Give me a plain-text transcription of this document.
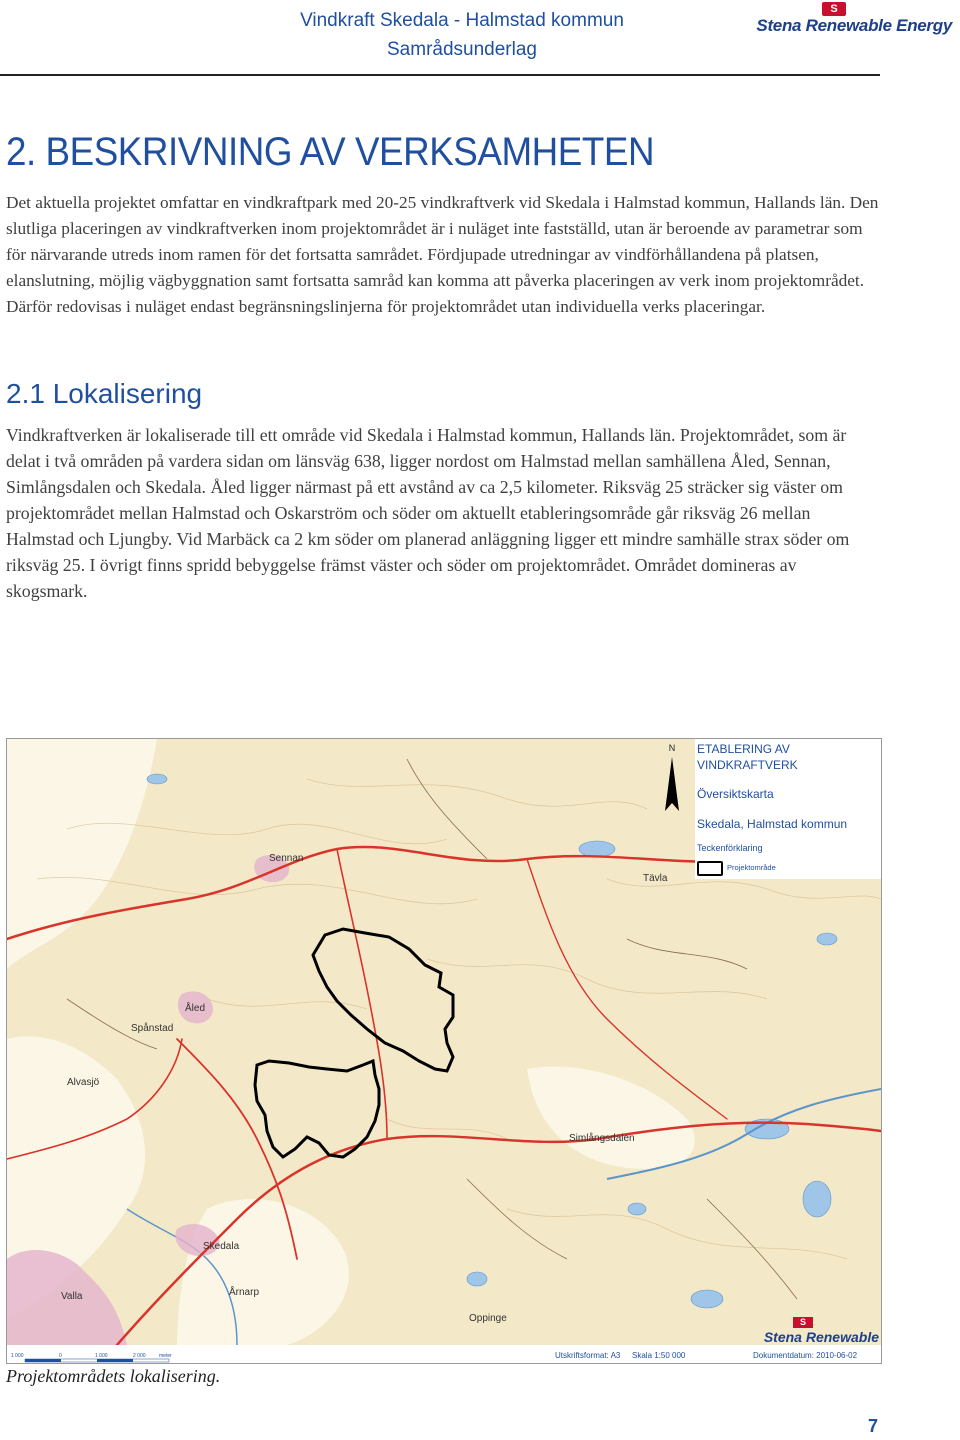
Vindkraft Skedala - Halmstad kommun
Samrådsunderlag
S
Stena Renewable Energy
2. BESKRIVNING AV VERKSAMHETEN

Det aktuella projektet omfattar en vindkraftpark med 20-25 vindkraftverk vid Skedala i Halmstad kommun, Hallands län. Den slutliga placeringen av vindkraftverken inom projektområdet är i nuläget inte fastställd, utan är beroende av parametrar som för närvarande utreds inom ramen för det fortsatta samrådet. Fördjupade utredningar av vindförhållandena på platsen, elanslutning, möjlig vägbyggnation samt fortsatta samråd kan komma att påverka placeringen av verk inom projektområdet. Därför redovisas i nuläget endast begränsningslinjerna för projektområdet utan individuella verks placeringar.

2.1 Lokalisering

Vindkraftverken är lokaliserade till ett område vid Skedala i Halmstad kommun, Hallands län. Projektområdet, som är delat i två områden på vardera sidan om länsväg 638, ligger nordost om Halmstad mellan samhällena Åled, Sennan, Simlångsdalen och Skedala. Åled ligger närmast på ett avstånd av ca 2,5 kilometer. Riksväg 25 sträcker sig väster om projektområdet mellan Halmstad och Oskarström och söder om aktuellt etableringsområde går riksväg 26 mellan Halmstad och Ljungby. Vid Marbäck ca 2 km söder om planerad anläggning ligger ett mindre samhälle strax söder om riksväg 25. I övrigt finns spridd bebyggelse främst väster och söder om projektområdet. Området domineras av skogsmark.

Sennan
Åled
Spånstad
Alvasjö
Simlångsdalen
Skedala
Tävla
Årnarp
Valla
Oppinge
N ETABLERING AV VINDKRAFTVERK
Översiktskarta
Skedala, Halmstad kommun
Teckenförklaring
Projektområde
S
Stena Renewable
1 000	0	1 000	2 000	meter	Utskriftsformat: A3 Skala 1:50 000	Dokumentdatum: 2010-06-02
Projektområdets lokalisering.
7
